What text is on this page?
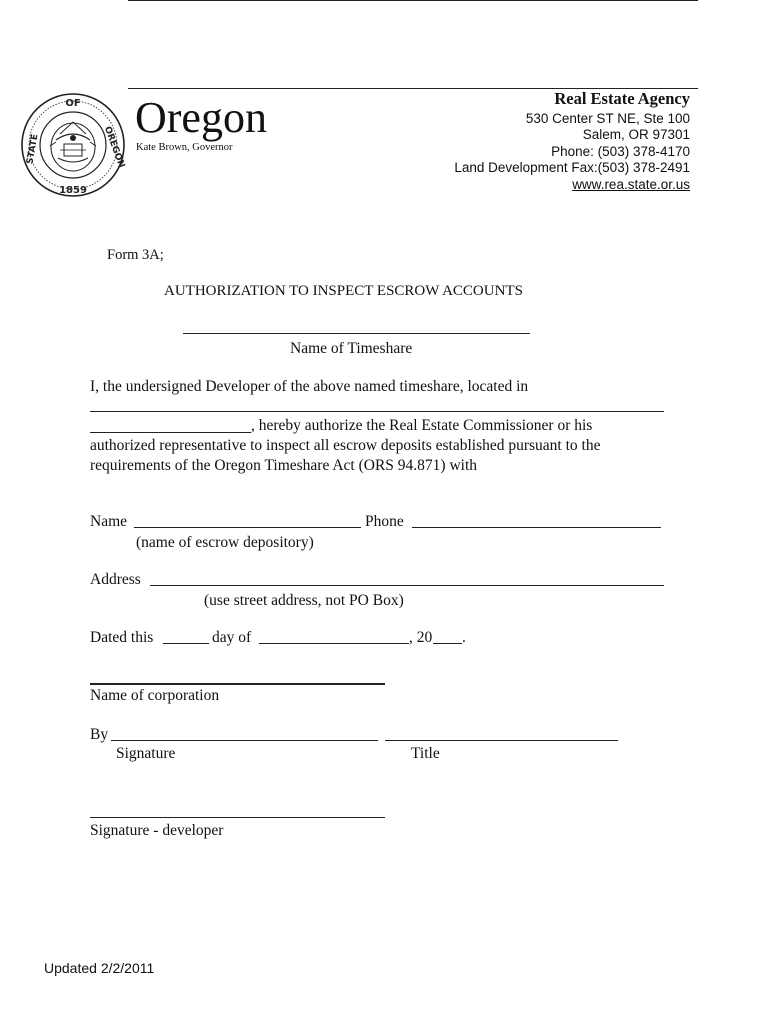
OF
STATE	OREGON
1859
Oregon
Kate Brown, Governor
Real Estate Agency
530 Center ST NE, Ste 100
Salem, OR 97301
Phone: (503) 378-4170
Land Development Fax:(503) 378-2491
www.rea.state.or.us
Form 3A;
AUTHORIZATION TO INSPECT ESCROW ACCOUNTS
Name of Timeshare
I, the undersigned Developer of the above named timeshare, located in
, hereby authorize the Real Estate Commissioner or his
authorized representative to inspect all escrow deposits established pursuant to the
requirements of the Oregon Timeshare Act (ORS 94.871) with
Name	Phone
(name of escrow depository)
Address
(use street address, not PO Box)
Dated this	day of	, 20 .
Name of corporation
By
Signature	Title
Signature - developer
Updated 2/2/2011
